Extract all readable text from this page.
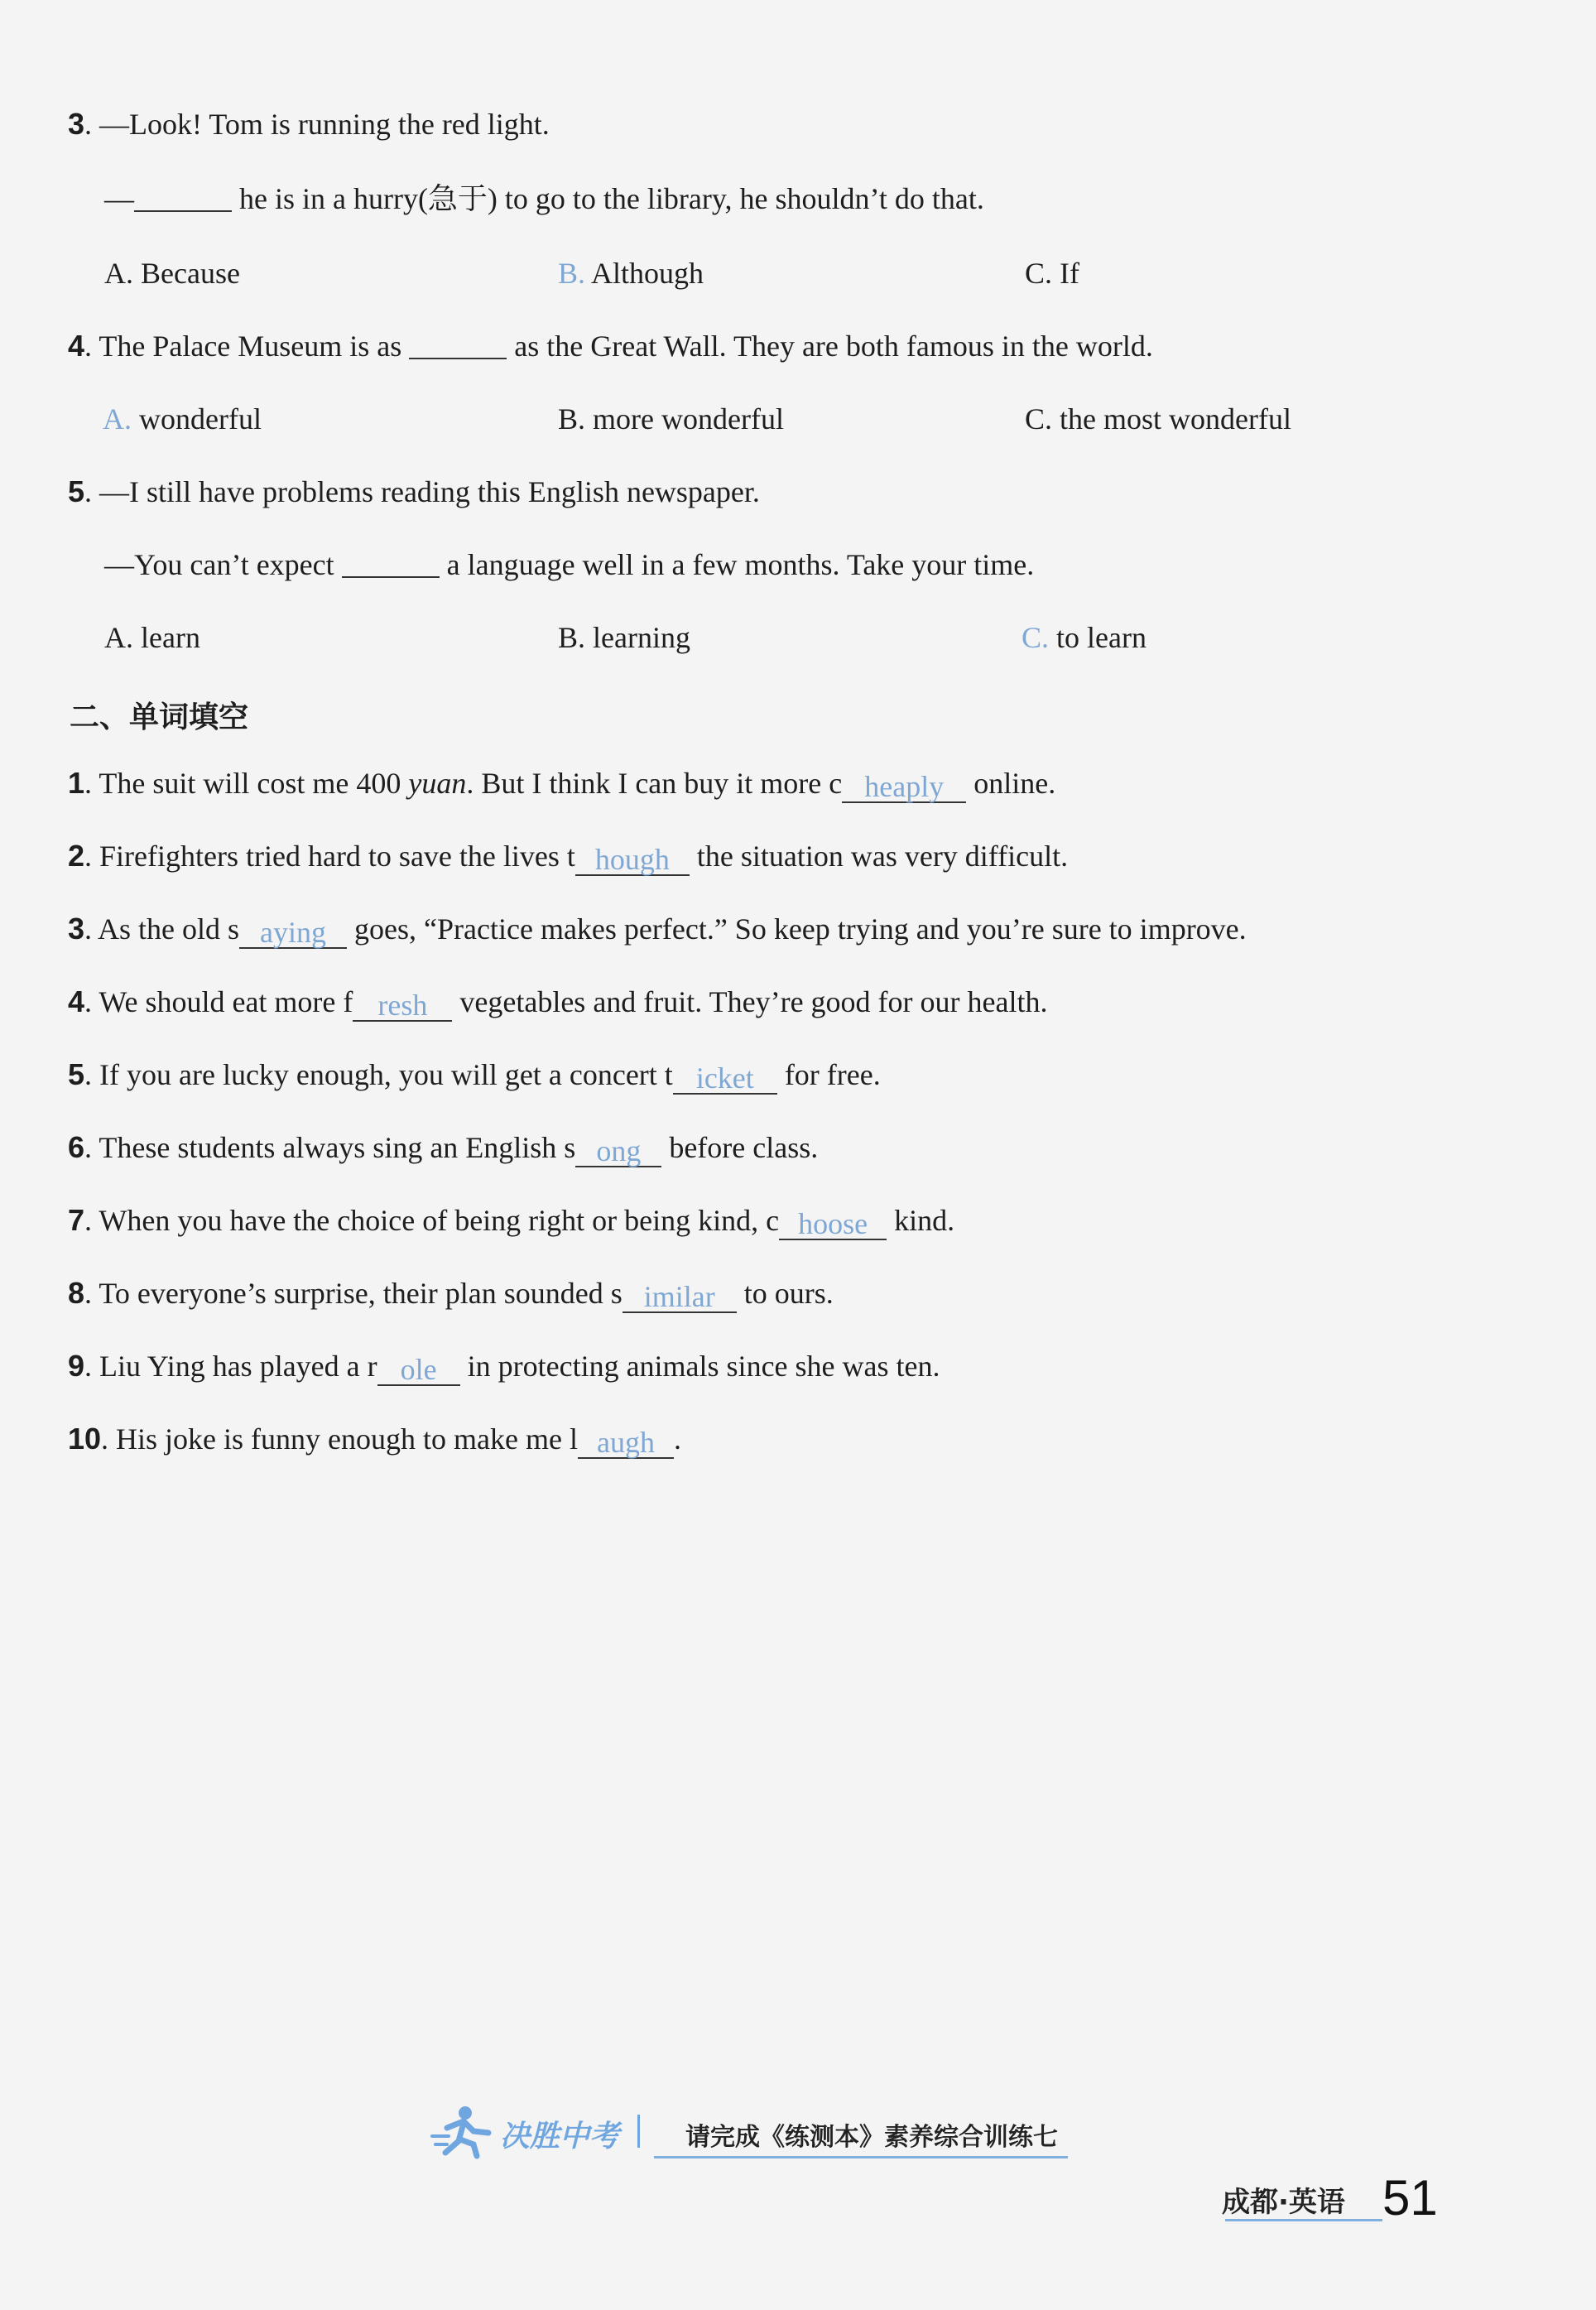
3. —Look! Tom is running the red light.
—	he is in a hurry(急于) to go to the library, he shouldn’t do that.
A. Because	B. Although	C. If
4. The Palace Museum is as	as the Great Wall. They are both famous in the world.
A. wonderful	B. more wonderful	C. the most wonderful
5. —I still have problems reading this English newspaper.
—You can’t expect	a language well in a few months. Take your time.
A. learn	B. learning	C. to learn
二、单词填空
1. The suit will cost me 400 yuan. But I think I can buy it more c heaply online.
2. Firefighters tried hard to save the lives t hough the situation was very difficult.
3. As the old s aying goes, “Practice makes perfect.” So keep trying and you’re sure to improve.
4. We should eat more f resh vegetables and fruit. They’re good for our health.
5. If you are lucky enough, you will get a concert t icket for free.
6. These students always sing an English s ong before class.
7. When you have the choice of being right or being kind, c hoose kind.
8. To everyone’s surprise, their plan sounded s imilar to ours.
9. Liu Ying has played a r ole in protecting animals since she was ten.
10. His joke is funny enough to make me l augh .
决胜中考	请完成《练测本》素养综合训练七
成都·英语 51
